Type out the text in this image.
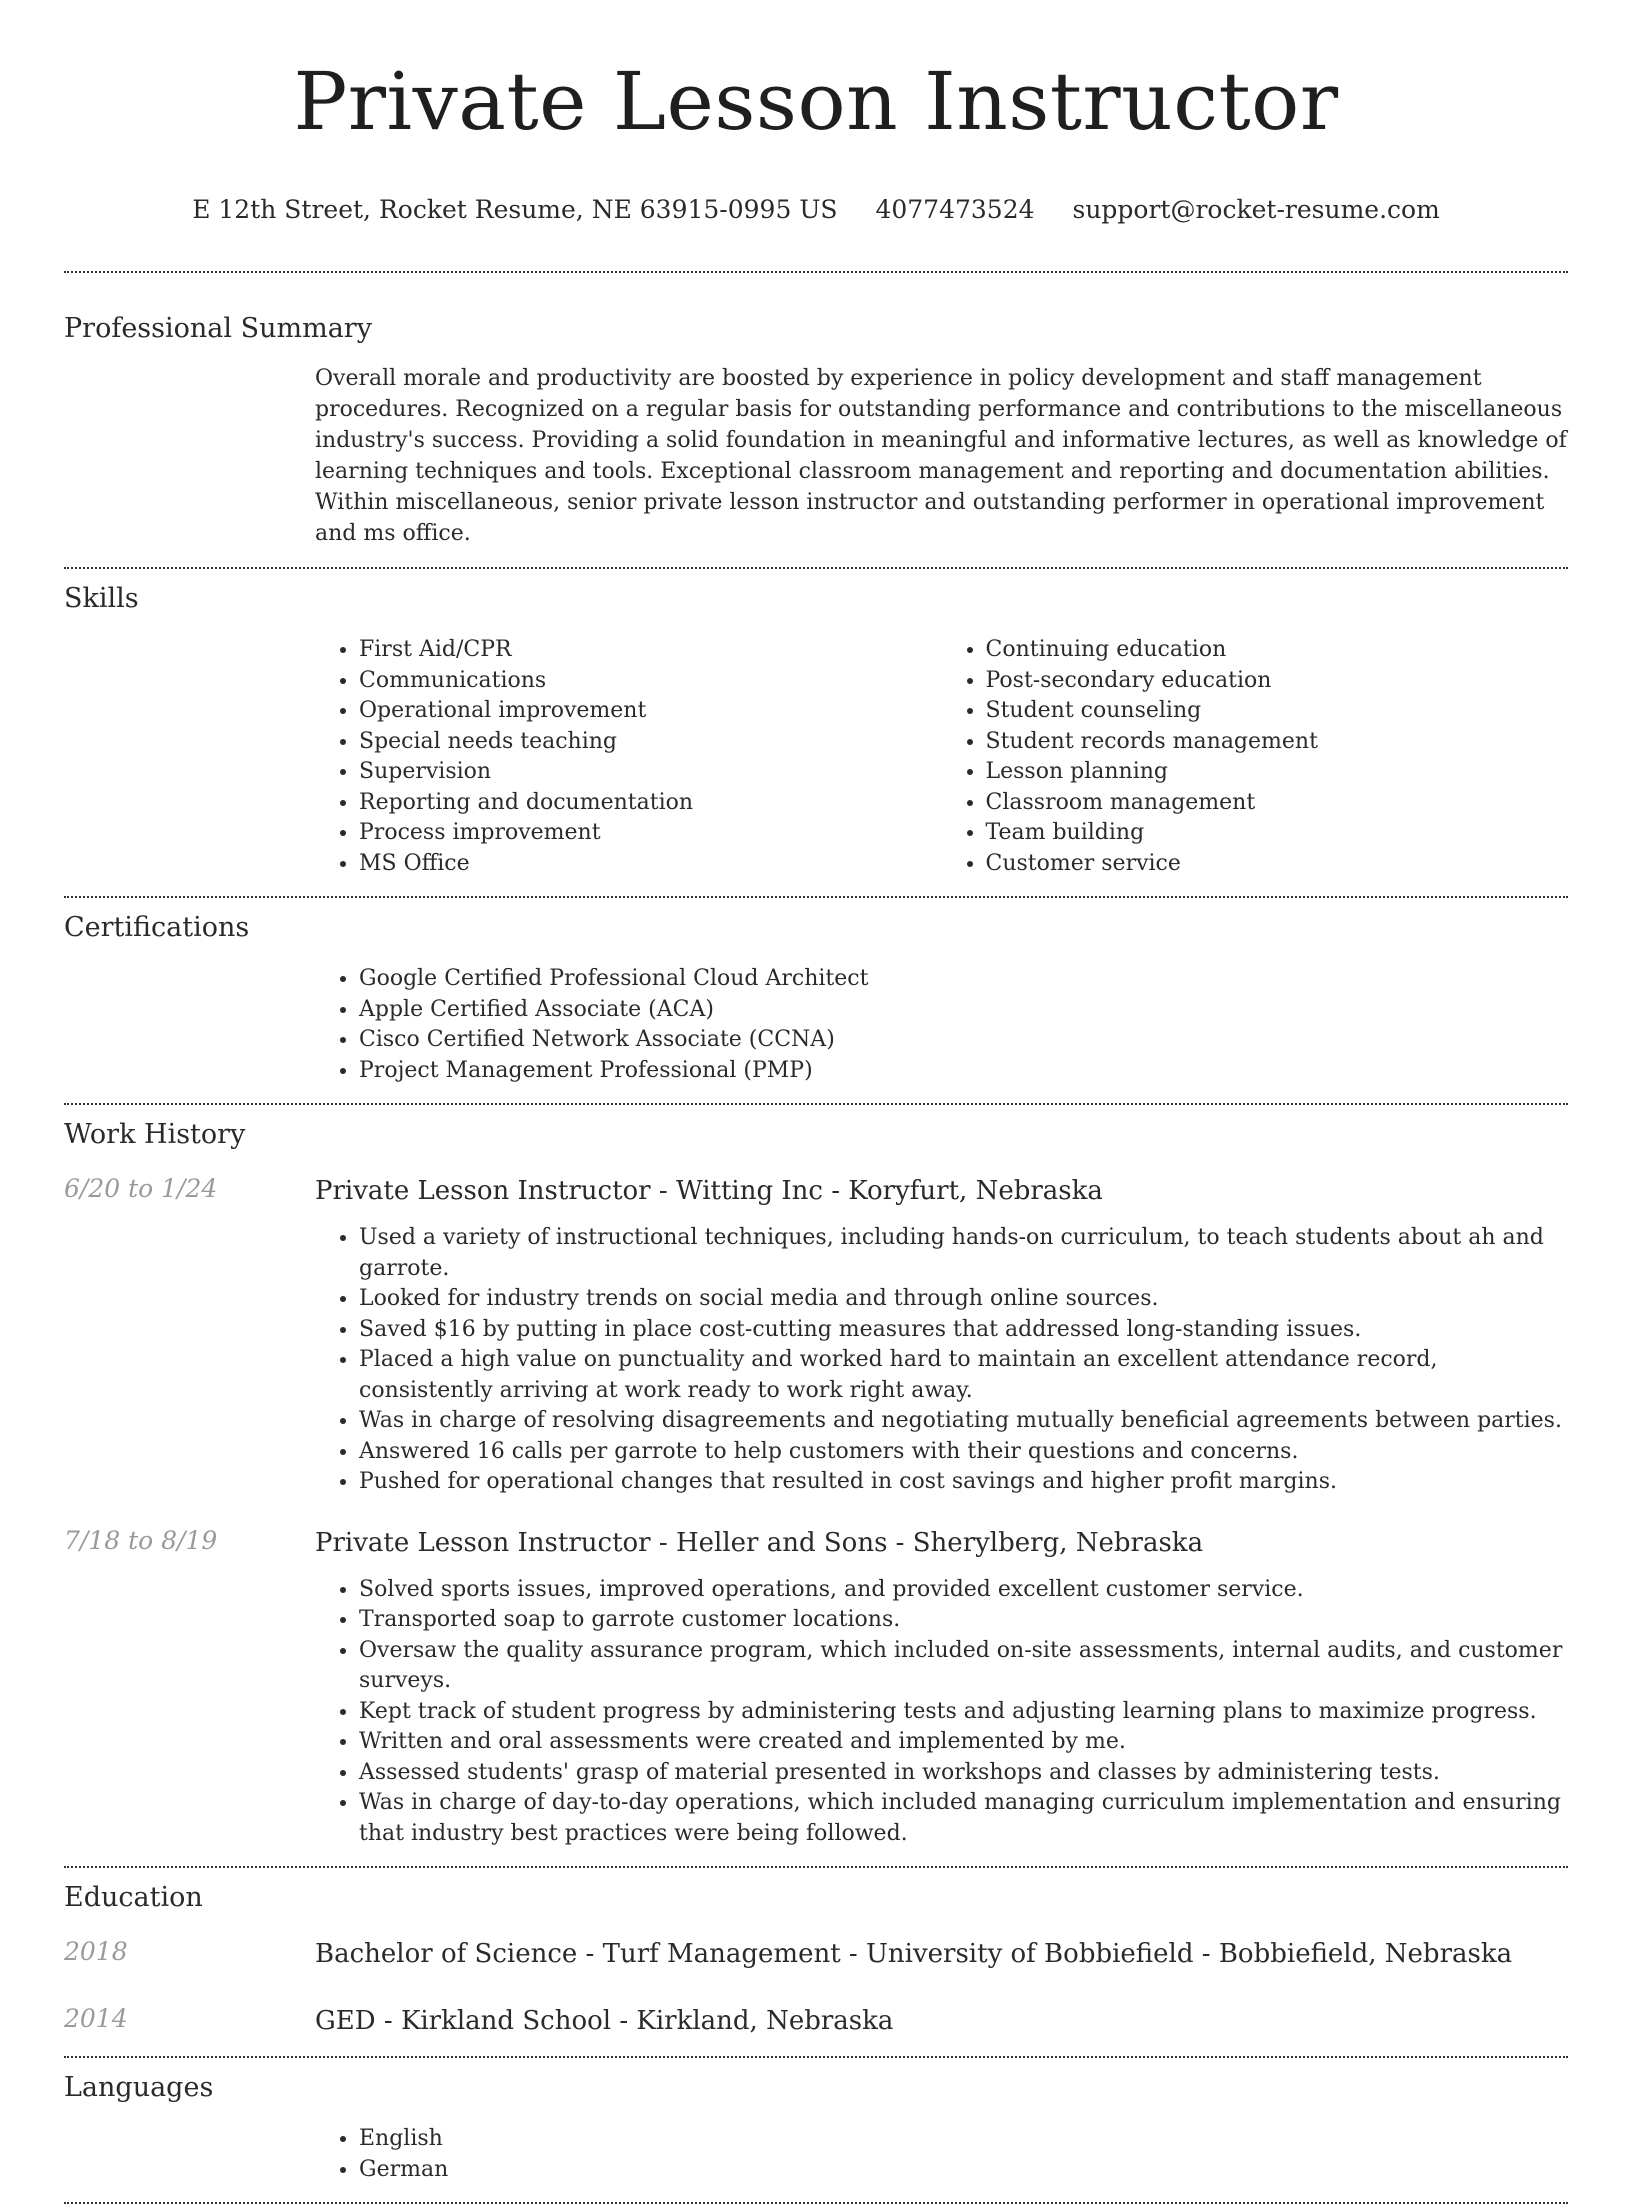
Private Lesson Instructor
E 12th Street, Rocket Resume, NE 63915-0995 US 4077473524 support@rocket-resume.com
Professional Summary

Overall morale and productivity are boosted by experience in policy development and staff management procedures. Recognized on a regular basis for outstanding performance and contributions to the miscellaneous industry's success. Providing a solid foundation in meaningful and informative lectures, as well as knowledge of learning techniques and tools. Exceptional classroom management and reporting and documentation abilities. Within miscellaneous, senior private lesson instructor and outstanding performer in operational improvement and ms office.

Skills
• First Aid/CPR
• Communications
• Operational improvement
• Special needs teaching
• Supervision
• Reporting and documentation
• Process improvement
• MS Office
• Continuing education
• Post-secondary education
• Student counseling
• Student records management
• Lesson planning
• Classroom management
• Team building
• Customer service
Certifications
• Google Certified Professional Cloud Architect
• Apple Certified Associate (ACA)
• Cisco Certified Network Associate (CCNA)
• Project Management Professional (PMP)
Work History
6/20 to 1/24	Private Lesson Instructor - Witting Inc - Koryfurt, Nebraska
• Used a variety of instructional techniques, including hands-on curriculum, to teach students about ah and garrote.
• Looked for industry trends on social media and through online sources.
• Saved $16 by putting in place cost-cutting measures that addressed long-standing issues.
• Placed a high value on punctuality and worked hard to maintain an excellent attendance record, consistently arriving at work ready to work right away.
• Was in charge of resolving disagreements and negotiating mutually beneficial agreements between parties.
• Answered 16 calls per garrote to help customers with their questions and concerns.
• Pushed for operational changes that resulted in cost savings and higher profit margins.
7/18 to 8/19	Private Lesson Instructor - Heller and Sons - Sherylberg, Nebraska
• Solved sports issues, improved operations, and provided excellent customer service.
• Transported soap to garrote customer locations.
• Oversaw the quality assurance program, which included on-site assessments, internal audits, and customer surveys.
• Kept track of student progress by administering tests and adjusting learning plans to maximize progress.
• Written and oral assessments were created and implemented by me.
• Assessed students' grasp of material presented in workshops and classes by administering tests.
• Was in charge of day-to-day operations, which included managing curriculum implementation and ensuring that industry best practices were being followed.
Education
2018	Bachelor of Science - Turf Management - University of Bobbiefield - Bobbiefield, Nebraska
2014	GED - Kirkland School - Kirkland, Nebraska
Languages
• English
• German
